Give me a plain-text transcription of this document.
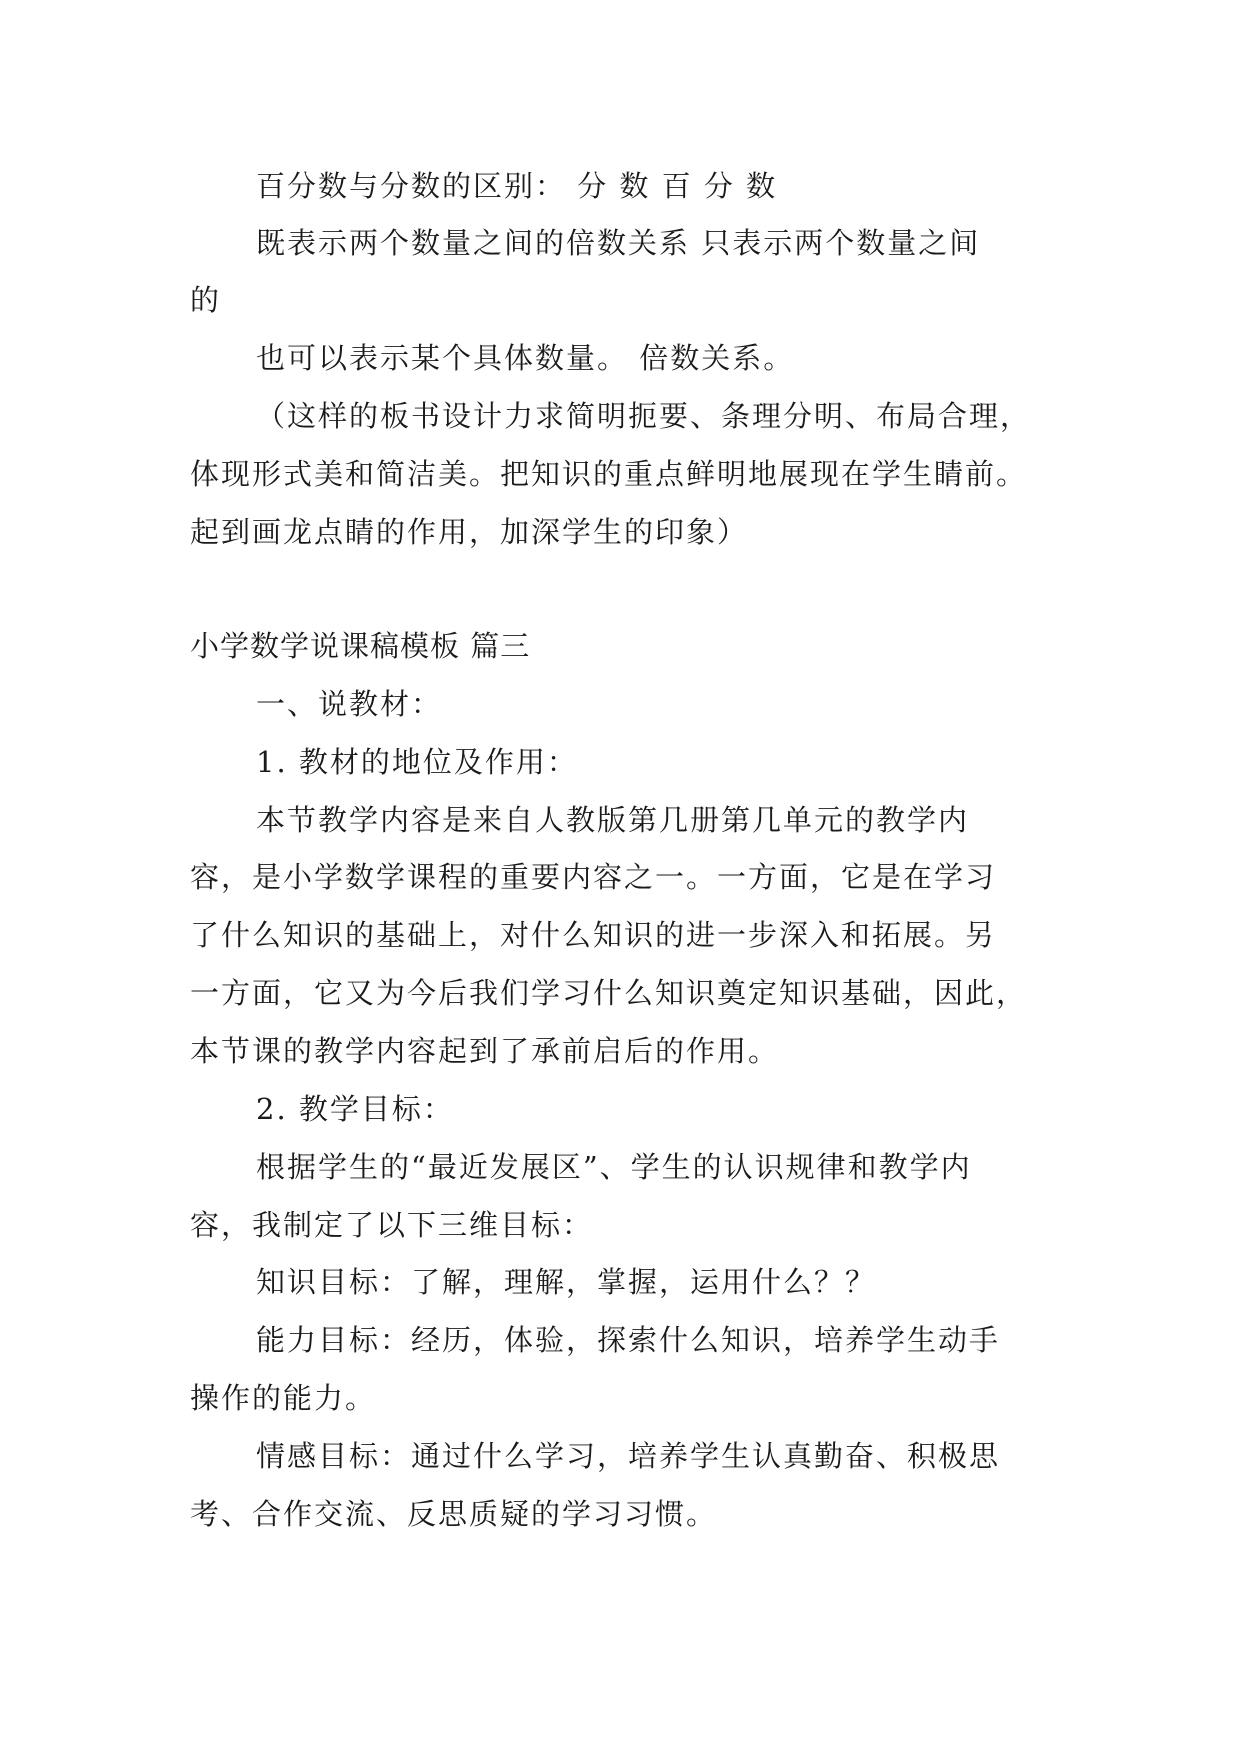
百分数与分数的区别： 分 数 百 分 数
既表示两个数量之间的倍数关系 只表示两个数量之间
的
也可以表示某个具体数量。 倍数关系。
（这样的板书设计力求简明扼要、条理分明、布局合理，
体现形式美和简洁美。把知识的重点鲜明地展现在学生睛前。
起到画龙点睛的作用，加深学生的印象）
小学数学说课稿模板 篇三
一、说教材：
1. 教材的地位及作用：
本节教学内容是来自人教版第几册第几单元的教学内
容，是小学数学课程的重要内容之一。一方面，它是在学习
了什么知识的基础上，对什么知识的进一步深入和拓展。另
一方面，它又为今后我们学习什么知识奠定知识基础，因此，
本节课的教学内容起到了承前启后的作用。
2. 教学目标：
根据学生的“最近发展区”、学生的认识规律和教学内
容，我制定了以下三维目标：
知识目标：了解，理解，掌握，运用什么？？
能力目标：经历，体验，探索什么知识，培养学生动手
操作的能力。
情感目标：通过什么学习，培养学生认真勤奋、积极思
考、合作交流、反思质疑的学习习惯。
